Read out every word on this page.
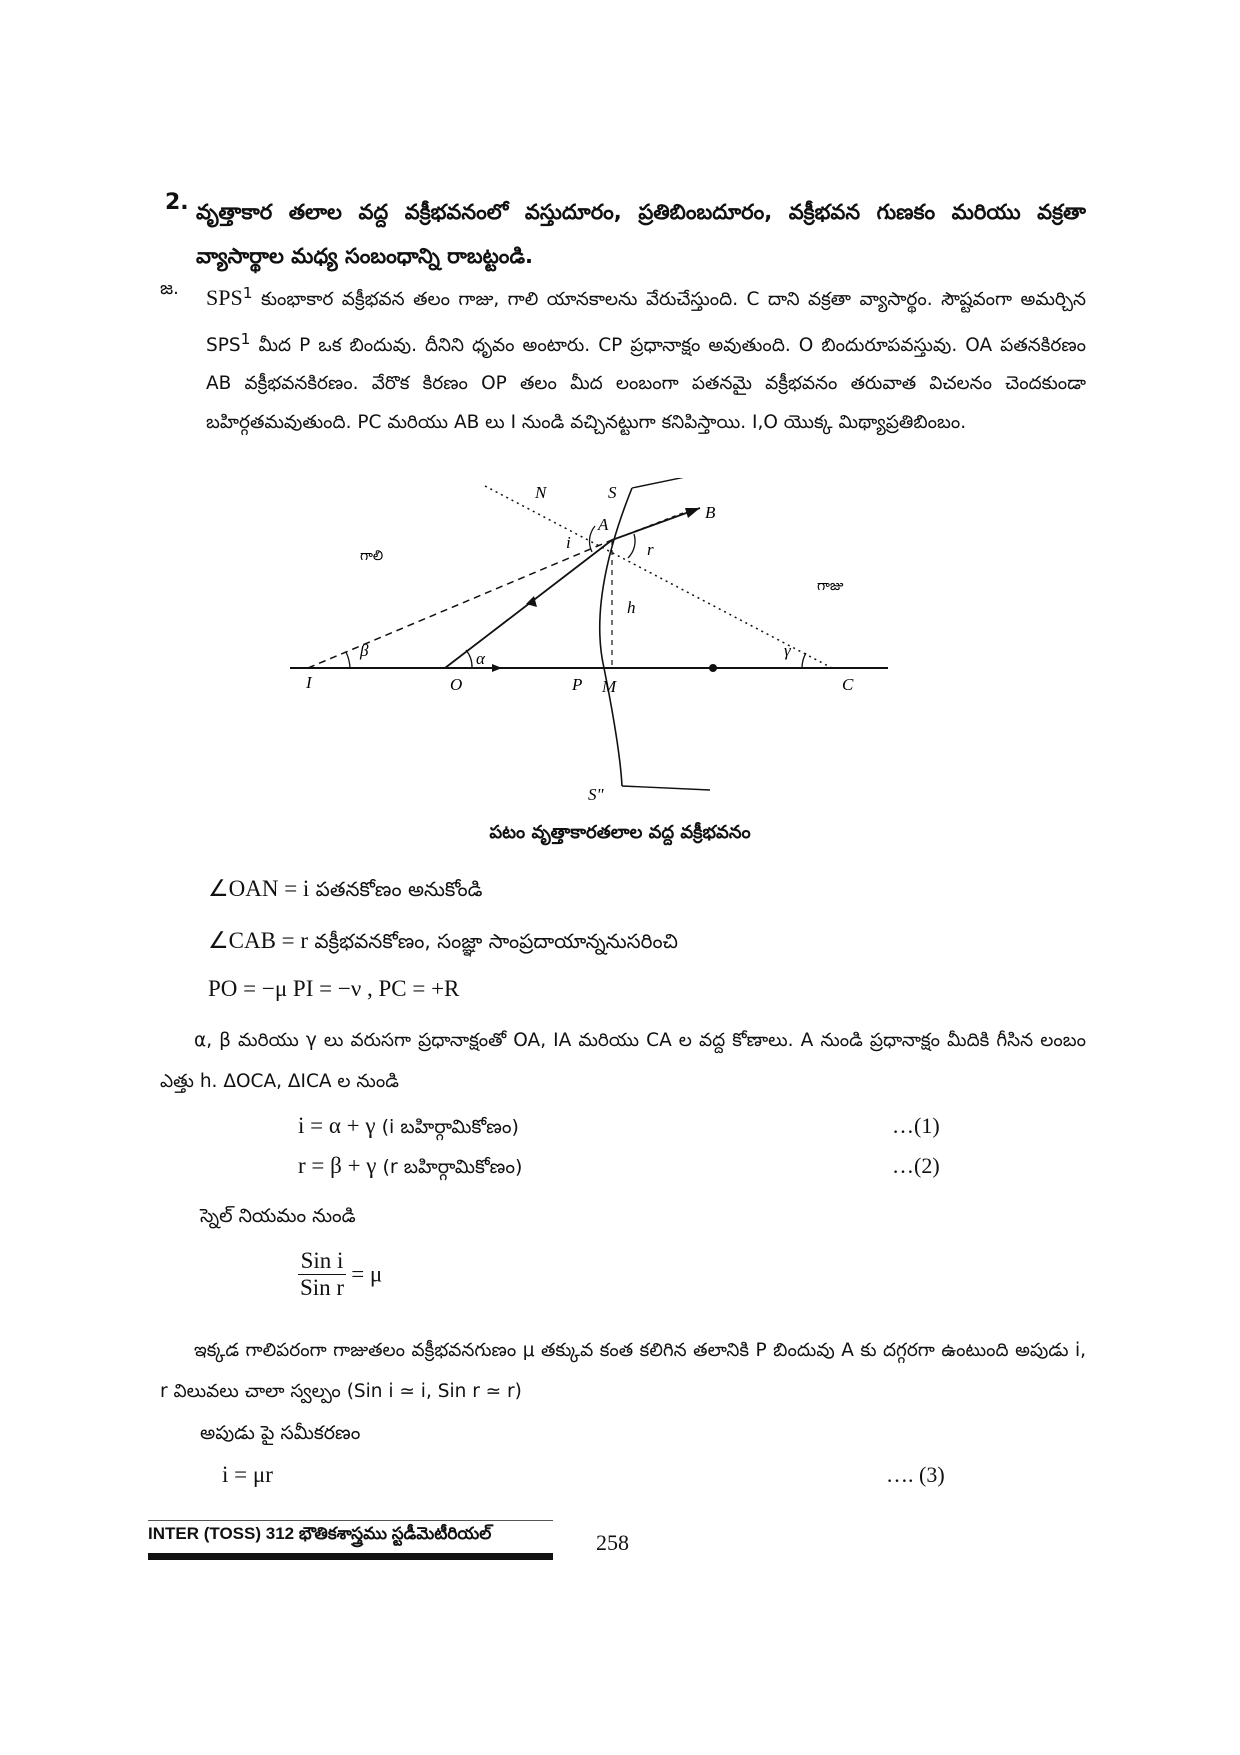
2. వృత్తాకార తలాల వద్ద వక్రీభవనంలో వస్తుదూరం, ప్రతిబింబదూరం, వక్రీభవన గుణకం మరియు వక్రతా వ్యాసార్థాల మధ్య సంబంధాన్ని రాబట్టండి.
జ. SPS$^1$ కుంభాకార వక్రీభవన తలం గాజు, గాలి యానకాలను వేరుచేస్తుంది. C దాని వక్రతా వ్యాసార్థం. సౌష్టవంగా అమర్చిన SPS$^1$ మీద P ఒక బిందువు. దీనిని ధృవం అంటారు. CP ప్రధానాక్షం అవుతుంది. O బిందురూపవస్తువు. OA పతనకిరణం AB వక్రీభవనకిరణం. వేరొక కిరణం OP తలం మీద లంబంగా పతనమై వక్రీభవనం తరువాత విచలనం చెందకుండా బహిర్గతమవుతుంది. PC మరియు AB లు I నుండి వచ్చినట్టుగా కనిపిస్తాయి. I,O యొక్క మిథ్యాప్రతిబింబం.
N	S
A
B
I	O	P M	C
S"
h
i	r
α
β	γ
గాలి
గాజు
పటం వృత్తాకారతలాల వద్ద వక్రీభవనం
∠OAN = i పతనకోణం అనుకోండి
∠CAB = r వక్రీభవనకోణం, సంజ్ఞా సాంప్రదాయాన్ననుసరించి
PO = −μ PI = −ν , PC = +R
α, β మరియు γ లు వరుసగా ప్రధానాక్షంతో OA, IA మరియు CA ల వద్ద కోణాలు. A నుండి ప్రధానాక్షం మీదికి గీసిన లంబం ఎత్తు h. ΔOCA, ΔICA ల నుండి
i = α + γ (i బహిర్గామికోణం)	…(1)
r = β + γ (r బహిర్గామికోణం)	…(2)
స్నెల్ నియమం నుండి
$\frac{\text{Sin i}}{\text{Sin r}} = \mu$
ఇక్కడ గాలిపరంగా గాజుతలం వక్రీభవనగుణం μ తక్కువ కంత కలిగిన తలానికి P బిందువు A కు దగ్గరగా ఉంటుంది అపుడు i, r విలువలు చాలా స్వల్పం (Sin i ≃ i, Sin r ≃ r)
అపుడు పై సమీకరణం
i = μr	…. (3)
INTER (TOSS) 312 భౌతికశాస్త్రము స్టడీమెటీరియల్	258
